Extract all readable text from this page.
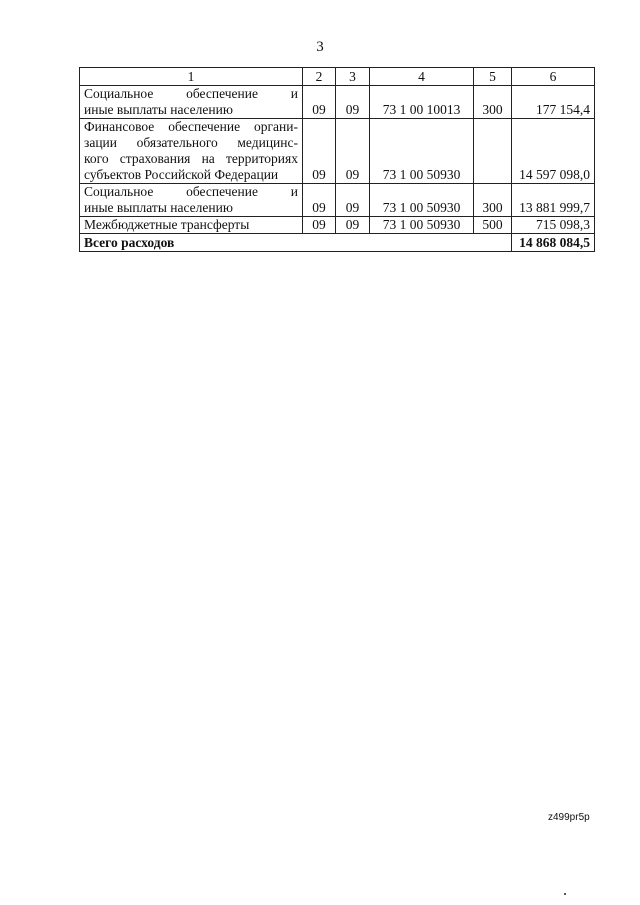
3
1	2	3	4	5	6

Социальное обеспечение и
иные выплаты населению	09	09	73 1 00 10013	300	177 154,4

Финансовое обеспечение органи-
зации обязательного медицинс-
кого страхования на территориях
субъектов Российской Федерации	09	09	73 1 00 50930		14 597 098,0

Социальное обеспечение и
иные выплаты населению	09	09	73 1 00 50930	300	13 881 999,7

Межбюджетные трансферты	09	09	73 1 00 50930	500	715 098,3
Всего расходов					14 868 084,5
z499pr5p
